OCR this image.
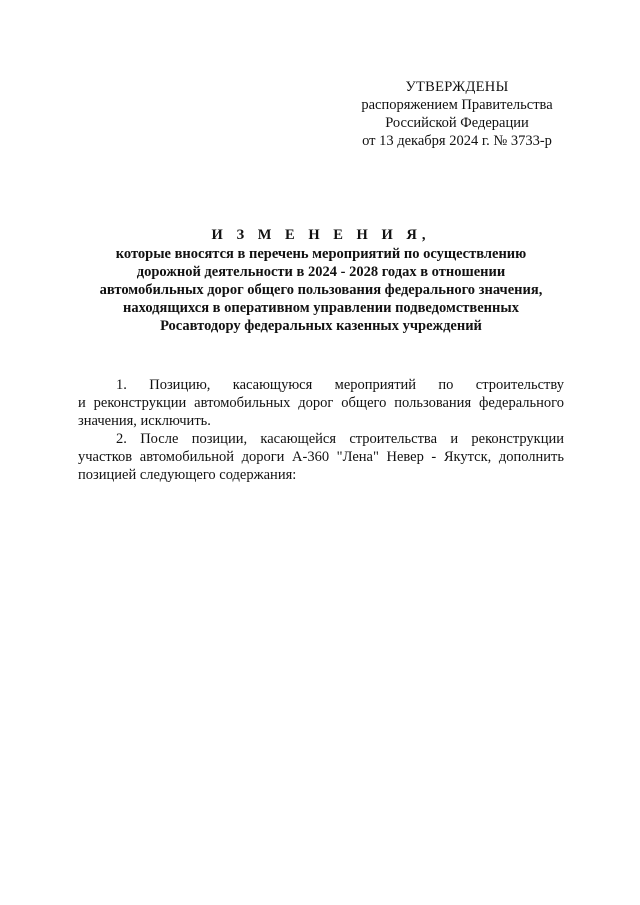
УТВЕРЖДЕНЫ
распоряжением Правительства
Российской Федерации
от 13 декабря 2024 г. № 3733-р
И З М Е Н Е Н И Я,
которые вносятся в перечень мероприятий по осуществлению
дорожной деятельности в 2024 - 2028 годах в отношении
автомобильных дорог общего пользования федерального значения,
находящихся в оперативном управлении подведомственных
Росавтодору федеральных казенных учреждений
1. Позицию, касающуюся мероприятий по строительству
и реконструкции автомобильных дорог общего пользования федерального
значения, исключить.
2. После позиции, касающейся строительства и реконструкции
участков автомобильной дороги А-360 "Лена" Невер - Якутск, дополнить
позицией следующего содержания:
